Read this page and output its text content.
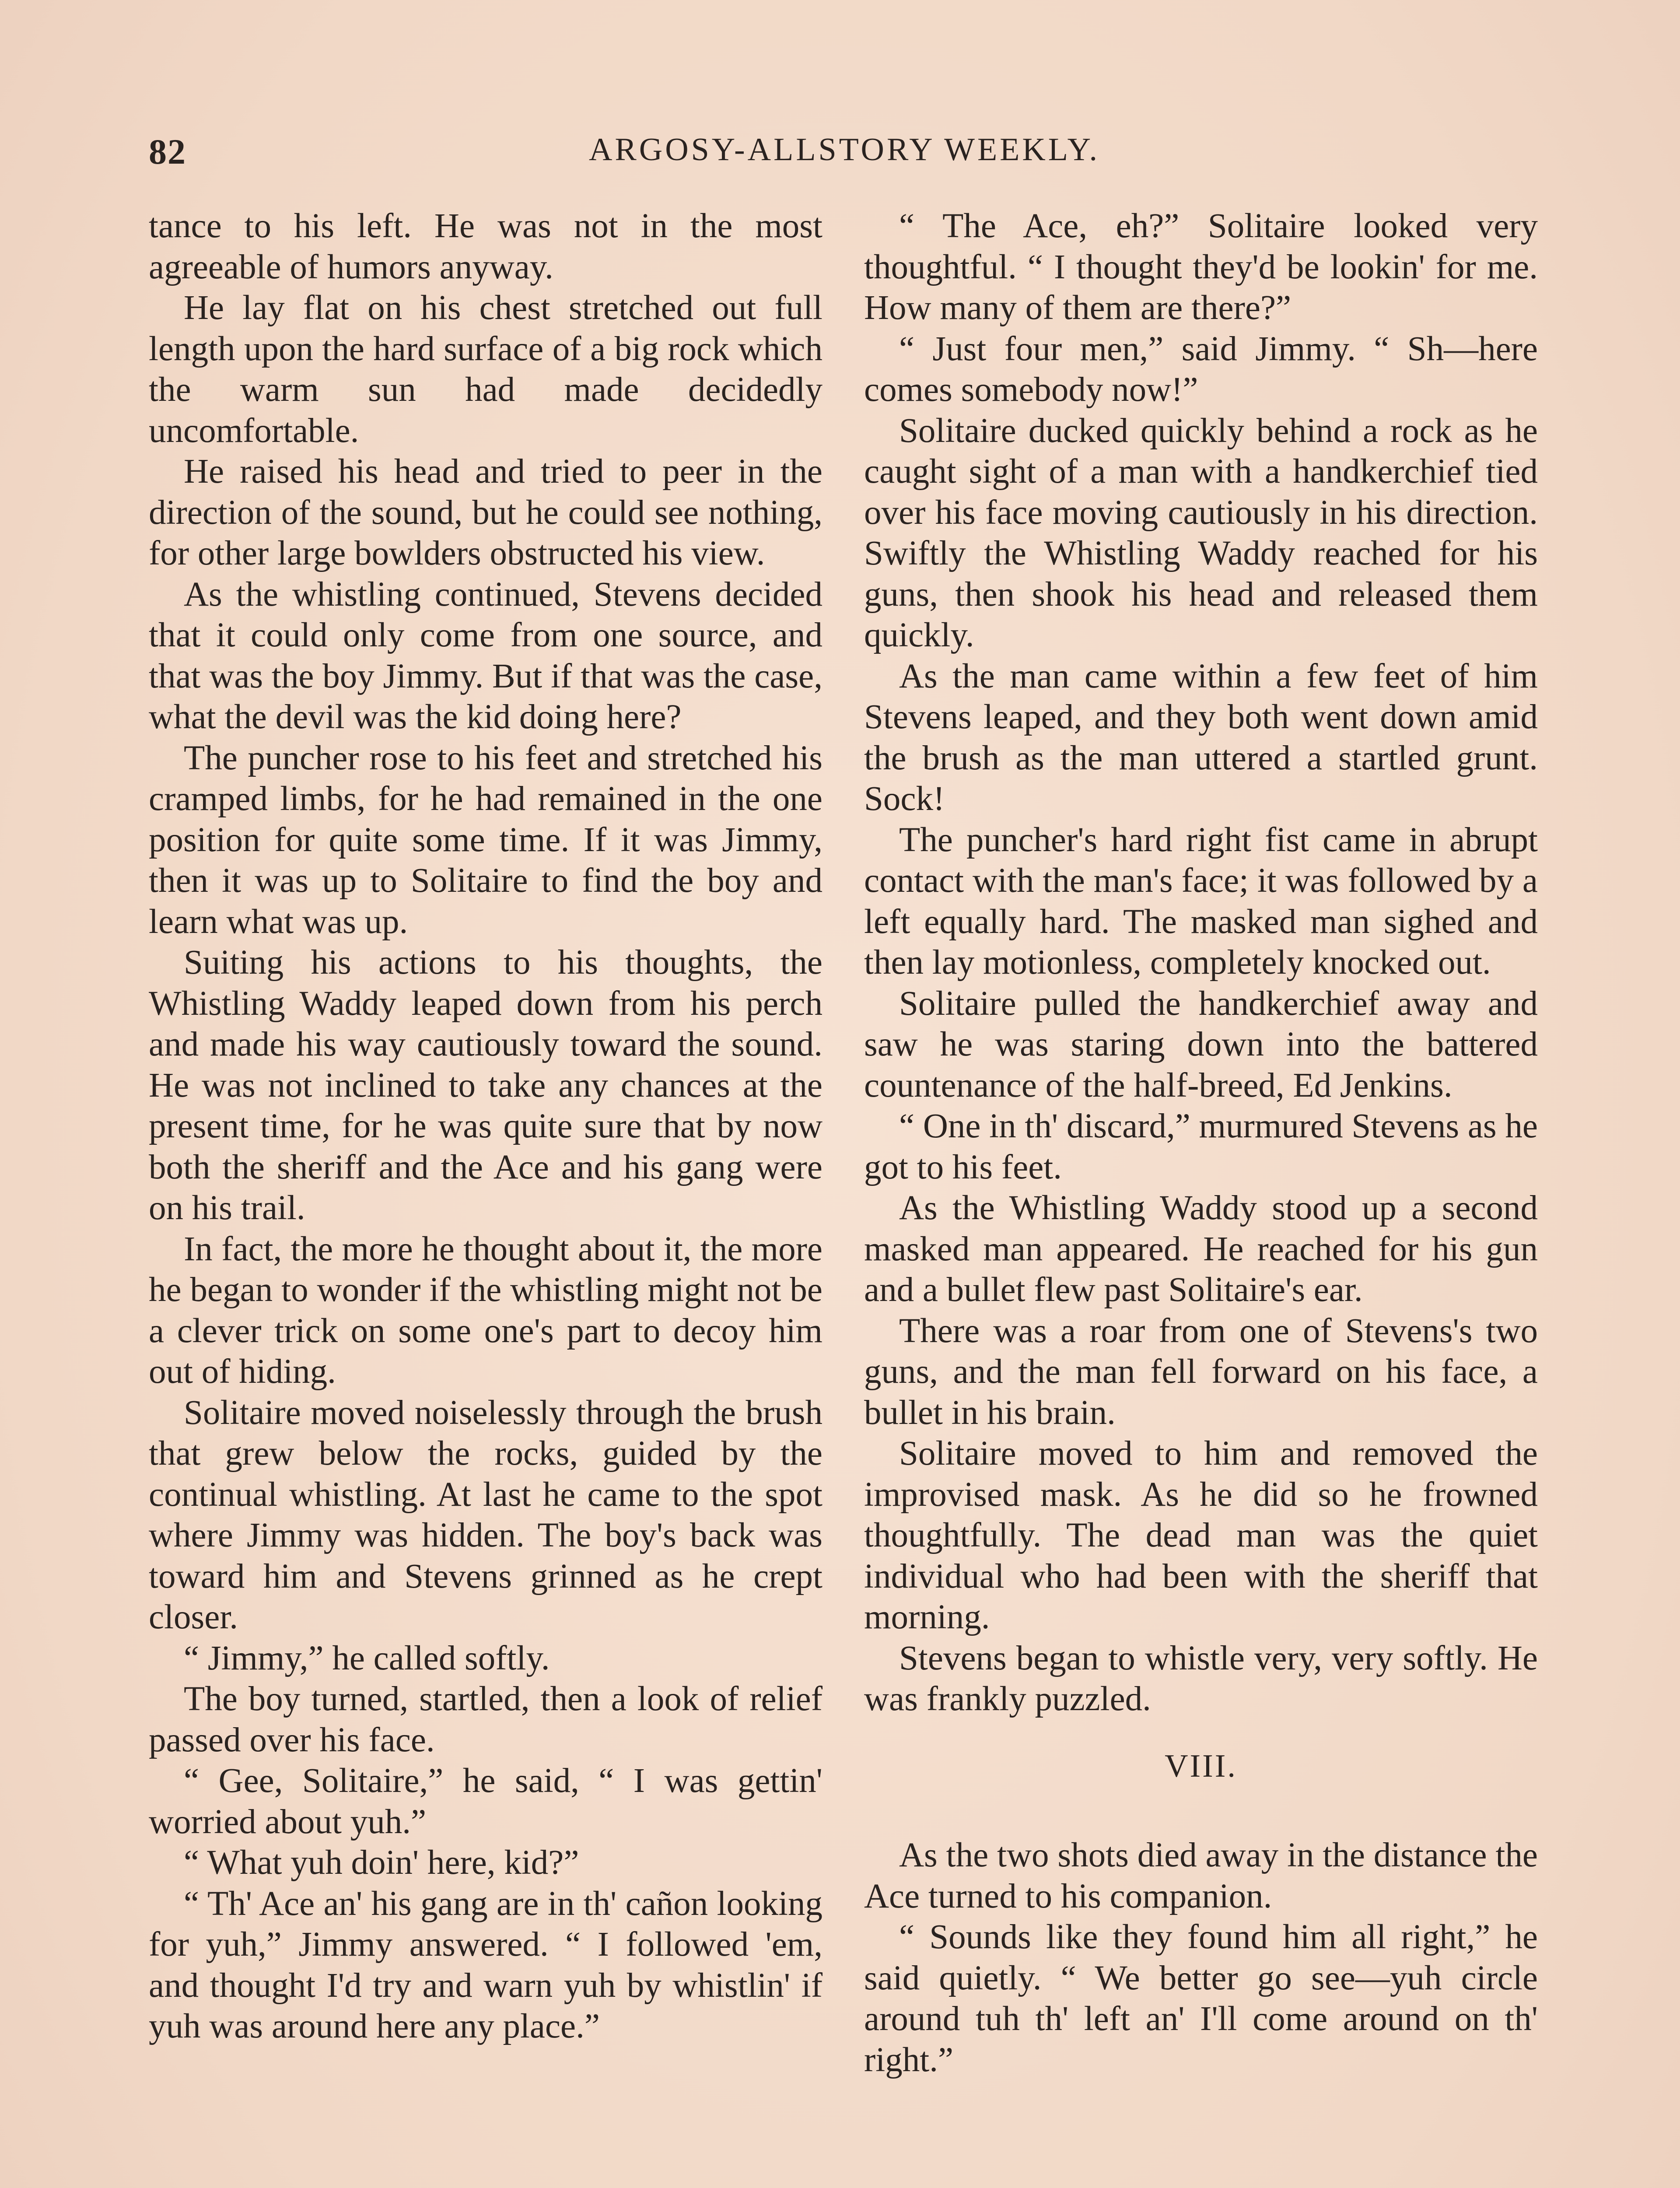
82	ARGOSY-ALLSTORY WEEKLY.

tance to his left. He was not in the most agreeable of humors anyway.

He lay flat on his chest stretched out full length upon the hard surface of a big rock which the warm sun had made decidedly uncomfortable.

He raised his head and tried to peer in the direction of the sound, but he could see nothing, for other large bowlders obstructed his view.

As the whistling continued, Stevens decided that it could only come from one source, and that was the boy Jimmy. But if that was the case, what the devil was the kid doing here?

The puncher rose to his feet and stretched his cramped limbs, for he had remained in the one position for quite some time. If it was Jimmy, then it was up to Solitaire to find the boy and learn what was up.

Suiting his actions to his thoughts, the Whistling Waddy leaped down from his perch and made his way cautiously toward the sound. He was not inclined to take any chances at the present time, for he was quite sure that by now both the sheriff and the Ace and his gang were on his trail.

In fact, the more he thought about it, the more he began to wonder if the whistling might not be a clever trick on some one's part to decoy him out of hiding.

Solitaire moved noiselessly through the brush that grew below the rocks, guided by the continual whistling. At last he came to the spot where Jimmy was hidden. The boy's back was toward him and Stevens grinned as he crept closer.

“ Jimmy,” he called softly.

The boy turned, startled, then a look of relief passed over his face.

“ Gee, Solitaire,” he said, “ I was gettin' worried about yuh.”

“ What yuh doin' here, kid?”

“ Th' Ace an' his gang are in th' cañon looking for yuh,” Jimmy answered. “ I followed 'em, and thought I'd try and warn yuh by whistlin' if yuh was around here any place.”

“ The Ace, eh?” Solitaire looked very thoughtful. “ I thought they'd be lookin' for me. How many of them are there?”

“ Just four men,” said Jimmy. “ Sh—here comes somebody now!”

Solitaire ducked quickly behind a rock as he caught sight of a man with a handkerchief tied over his face moving cautiously in his direction. Swiftly the Whistling Waddy reached for his guns, then shook his head and released them quickly.

As the man came within a few feet of him Stevens leaped, and they both went down amid the brush as the man uttered a startled grunt. Sock!

The puncher's hard right fist came in abrupt contact with the man's face; it was followed by a left equally hard. The masked man sighed and then lay motionless, completely knocked out.

Solitaire pulled the handkerchief away and saw he was staring down into the battered countenance of the half-breed, Ed Jenkins.

“ One in th' discard,” murmured Stevens as he got to his feet.

As the Whistling Waddy stood up a second masked man appeared. He reached for his gun and a bullet flew past Solitaire's ear.

There was a roar from one of Stevens's two guns, and the man fell forward on his face, a bullet in his brain.

Solitaire moved to him and removed the improvised mask. As he did so he frowned thoughtfully. The dead man was the quiet individual who had been with the sheriff that morning.

Stevens began to whistle very, very softly. He was frankly puzzled.

VIII.

As the two shots died away in the distance the Ace turned to his companion.

“ Sounds like they found him all right,” he said quietly. “ We better go see—yuh circle around tuh th' left an' I'll come around on th' right.”
